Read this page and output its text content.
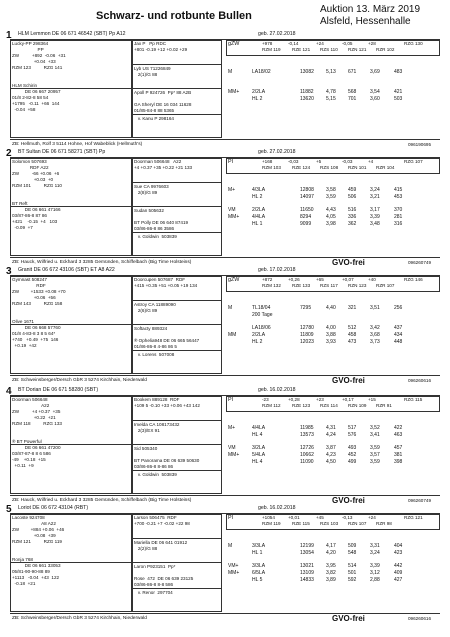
Schwarz- und rotbunte Bullen
Auktion 13. März 2019
Alsfeld, Hessenhalle
1 HLM Lemmon DE 06 671 46542 (SBT) Pp A12	geb. 27.02.2018
Lucky-PP 298364
PP
ZW          +892  -0.06  +31
+0.04  +33
RZM 123          RZG 141
HLM Schirin
DE 06 667 20957
01/8 2-82-8 58 54
+1795   -0.11  +66  144
-0.04  +58
Jax P   Pp RDC
+801 -0.19 +12 +0.02 +29
Lyb US 71226849
2(1)/G 88
Apoll P 924726  Pp* 88 A2B
GA Sheryl DE 16 034 11628
01/85-84-8 88 5365
v. Kanu P 298164
gZW	+978	-0,14	+24	-0,05	+28	RZG 130
RZM 119 RZE 121 RZS 110 RZN 121 RZR 102
M	LA18/02	13082 5,13 671	3,69	483
MM+	2/2LA	11882 4,78 568	3,54	421
HL 2	13620 5,15 701	3,60	503
ZB: Hellmuth, Rolf 3 5114 Hohne, Hof Wabeblick (Hellmuth's)	096190695
2 BT Sultan DE 06 671 58271 (SBT) Pp	geb. 27.02.2018
Solomon 507693
RDF A22
ZW          -66 +0.06  +6
+0.03  +0
RZM 101          RZG 110
BT Reft
DE 06 661 47166
03/87-86-8 87 86
+421    -0.15  +4   103
-0.09  +7
Doorman 506648   A22
+4 +0.37 +35 +0.22 +21 133
Sue CA 9976603
2(8)/G 89
Sudan 505632
BT Polly DE 06 640 87419
03/86-86-8 86 3586
v. Goldwin  503839
PI	+168	-0,03	+5	-0,03	+4	RZG 107
RZM 103 RZE 124 RZS 108 RZN 101 RZR 104
M+	4/3LA	12808 3,58 459	3,24	415
HL 2	14097 3,59 506	3,21	453
VM	2/2LA	11650 4,43 516	3,17	370
MM+	4/4LA	8294	4,05 336	3,39	281
HL 1	9099	3,98 362	3,48	316
ZB: Hauck, Wilfried u. Eckhard 3 3285 Gemünden, Schiffelbach (Big Time Holsteins)	GVO-frei	096260749
3 Granit DE 06 672 43106 (SBT) ET A8 A22	geb. 17.02.2018
Gymnast 508247
RDF
ZW         +1533 +0.08 +70
+0.06  +56
RZM 143          RZG 158
Olive 1671
DE 06 668 57760
01/8 4-83-8 3 8 5 64*
+740   +0.49  +75  146
+0.19  +42
Doorcupen 507687  RDF
+415 +0.35 +51 +0.05 +19 134
Astroy CA 11889090
2(6)/G 89
Softacty 889324
® Ophelia948 DE 06 665 56447
01/86-86-8 4-86 86 5
v. Lorens  507008
gZW	+872	+0,26	+65	+0,07	+40	RZG 146
RZM 132 RZE 133 RZS 117 RZN 123 RZR 107
M	TL18/04	7295	4,40 321	3,51	256
200 Tage
LA18/06	12780 4,00 512	3,42	437
MM	2/2LA	11809 3,88 458	3,68	434
HL 2	12023 3,93 473	3,73	448
ZB: Schweinsberger/Dersch GbR 3 5274 Kirchhain, Niederwald	GVO-frei	096260616
4 BT Dorian DE 06 671 58280 (SBT)	geb. 16.02.2018
Doorman 506648
A22
ZW          +4 +0.37  +35
+0.22  +21
RZM 118          RZG 133
® BT Powerful
DE 06 661 47200
03/87-87-8 8 6 586
-49    +0.18  +15
+0.11  +9
Bookem 889128  RDF
+109 5 -0.10 +33 +0.06 +43 142
Imelda CA 108173432
2(3)/EX 91
Sid 505340
BT Panorama DE 06 639 50630
03/86-86-8 8-86 86
v. Goldwin  503839
PI	-23	+0,28	+23	+0,17	+15	RZG 115
RZM 112 RZE 123 RZS 114 RZN 109 RZR 91
M+	4/4LA	11985 4,31 517	3,52	422
HL 4	13573 4,24 576	3,41	463
VM	3/2LA	12726 3,87 493	3,59	457
MM+	5/4LA	10662 4,23 452	3,57	381
HL 4	11090 4,50 499	3,59	398
ZB: Hauck, Wilfried u. Eckhard 3 3285 Gemünden, Schiffelbach (Big Time Holsteins)	GVO-frei	096260749
5 Loriot DE 06 672 43104 (RBT)	geb. 16.02.2018
Lacoste 924708
A8 A22
ZW         +884 +0.06  +46
+0.08  +39
RZM 121          RZG 119
Ronja 768
DE 06 661 33053
05/81-90-90-88 89
+1113   -0.04  +43  122
-0.18  +21
Larson 506475  RDF
+700 -0.21 +7 -0.02 +22 98
Mariella DE 06 641 01912
2(2)/G 88
Laron P923151  Pp*
Rose  472  DE 06 639 23125
03/86-86-8 8-8 586
v. Renor  297704
PI	+1054	+0,01	+45	-0,13	+24	RZG 121
RZM 119 RZE 115 RZS 103 RZN 107 RZR 98
M	3/3LA	12199 4,17 509	3,31	404
HL 1	13054 4,20 548	3,24	423
VM+	3/3LA	13021 3,95 514	3,39	442
MM+	6/5LA	13109 3,82 501	3,12	409
HL 5	14833 3,89 592	2,88	427
ZB: Schweinsberger/Dersch GbR 3 5274 Kirchhain, Niederwald	GVO-frei	096260616
